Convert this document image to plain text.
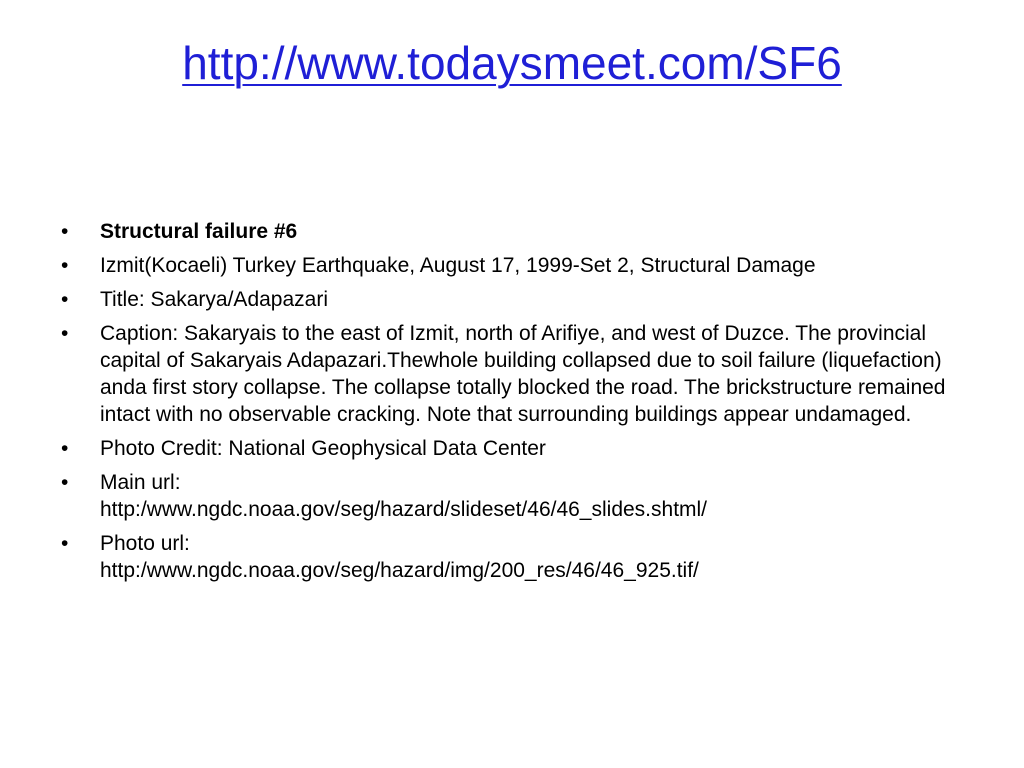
http://www.todaysmeet.com/SF6
•	Structural failure #6
•	Izmit(Kocaeli) Turkey Earthquake, August 17, 1999-Set 2, Structural Damage
•	Title: Sakarya/Adapazari
•	Caption: Sakaryais to the east of Izmit, north of Arifiye, and west of Duzce. The provincial capital of Sakaryais Adapazari.Thewhole building collapsed due to soil failure (liquefaction) anda first story collapse. The collapse totally blocked the road. The brickstructure remained intact with no observable cracking. Note that surrounding buildings appear undamaged.
•	Photo Credit: National Geophysical Data Center
•	Main url:
http:/www.ngdc.noaa.gov/seg/hazard/slideset/46/46_slides.shtml/
•	Photo url:
http:/www.ngdc.noaa.gov/seg/hazard/img/200_res/46/46_925.tif/
